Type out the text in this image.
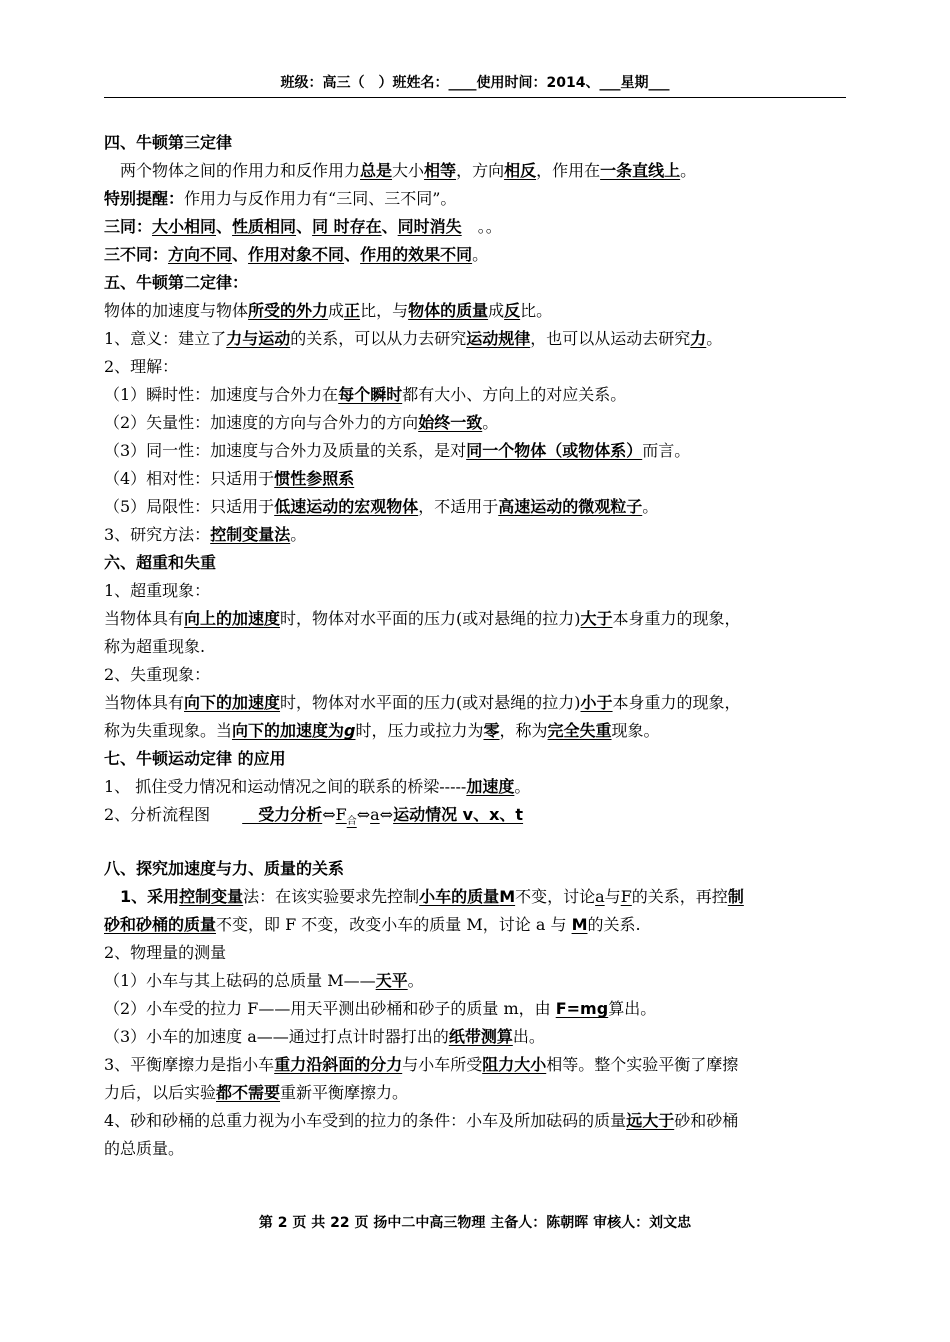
班级：高三（　）班姓名：____使用时间：2014、___星期___
四、牛顿第三定律
　两个物体之间的作用力和反作用力总是大小相等，方向相反，作用在一条直线上。
特别提醒：作用力与反作用力有“三同、三不同”。
三同：大小相同、性质相同、同 时存在、同时消失　。。
三不同：方向不同、作用对象不同、作用的效果不同。
五、牛顿第二定律：
物体的加速度与物体所受的外力成正比，与物体的质量成反比。
1、意义：建立了力与运动的关系，可以从力去研究运动规律，也可以从运动去研究力。
2、理解：
（1）瞬时性：加速度与合外力在每个瞬时都有大小、方向上的对应关系。
（2）矢量性：加速度的方向与合外力的方向始终一致。
（3）同一性：加速度与合外力及质量的关系，是对同一个物体（或物体系）而言。
（4）相对性：只适用于惯性参照系
（5）局限性：只适用于低速运动的宏观物体，不适用于高速运动的微观粒子。
3、研究方法：控制变量法。
六、超重和失重
1、超重现象：
当物体具有向上的加速度时，物体对水平面的压力(或对悬绳的拉力)大于本身重力的现象，
称为超重现象.
2、失重现象：
当物体具有向下的加速度时，物体对水平面的压力(或对悬绳的拉力)小于本身重力的现象，
称为失重现象。当向下的加速度为g时，压力或拉力为零，称为完全失重现象。
七、牛顿运动定律 的应用
1、 抓住受力情况和运动情况之间的联系的桥梁-----加速度。
2、分析流程图　　　受力分析$\Leftrightarrow F_合\Leftrightarrow a\Leftrightarrow$运动情况 v、x、t
八、探究加速度与力、质量的关系
　1、采用控制变量法：在该实验要求先控制小车的质量M不变，讨论a与F的关系，再控制
砂和砂桶的质量不变，即 F 不变，改变小车的质量 M，讨论 a 与 M的关系.
2、物理量的测量
（1）小车与其上砝码的总质量 M——天平。
（2）小车受的拉力 F——用天平测出砂桶和砂子的质量 m，由 F=mg算出。
（3）小车的加速度 a——通过打点计时器打出的纸带测算出。
3、平衡摩擦力是指小车重力沿斜面的分力与小车所受阻力大小相等。整个实验平衡了摩擦
力后，以后实验都不需要重新平衡摩擦力。
4、砂和砂桶的总重力视为小车受到的拉力的条件：小车及所加砝码的质量远大于砂和砂桶
的总质量。
第 2 页 共 22 页 扬中二中高三物理 主备人：陈朝晖 审核人：刘文忠
